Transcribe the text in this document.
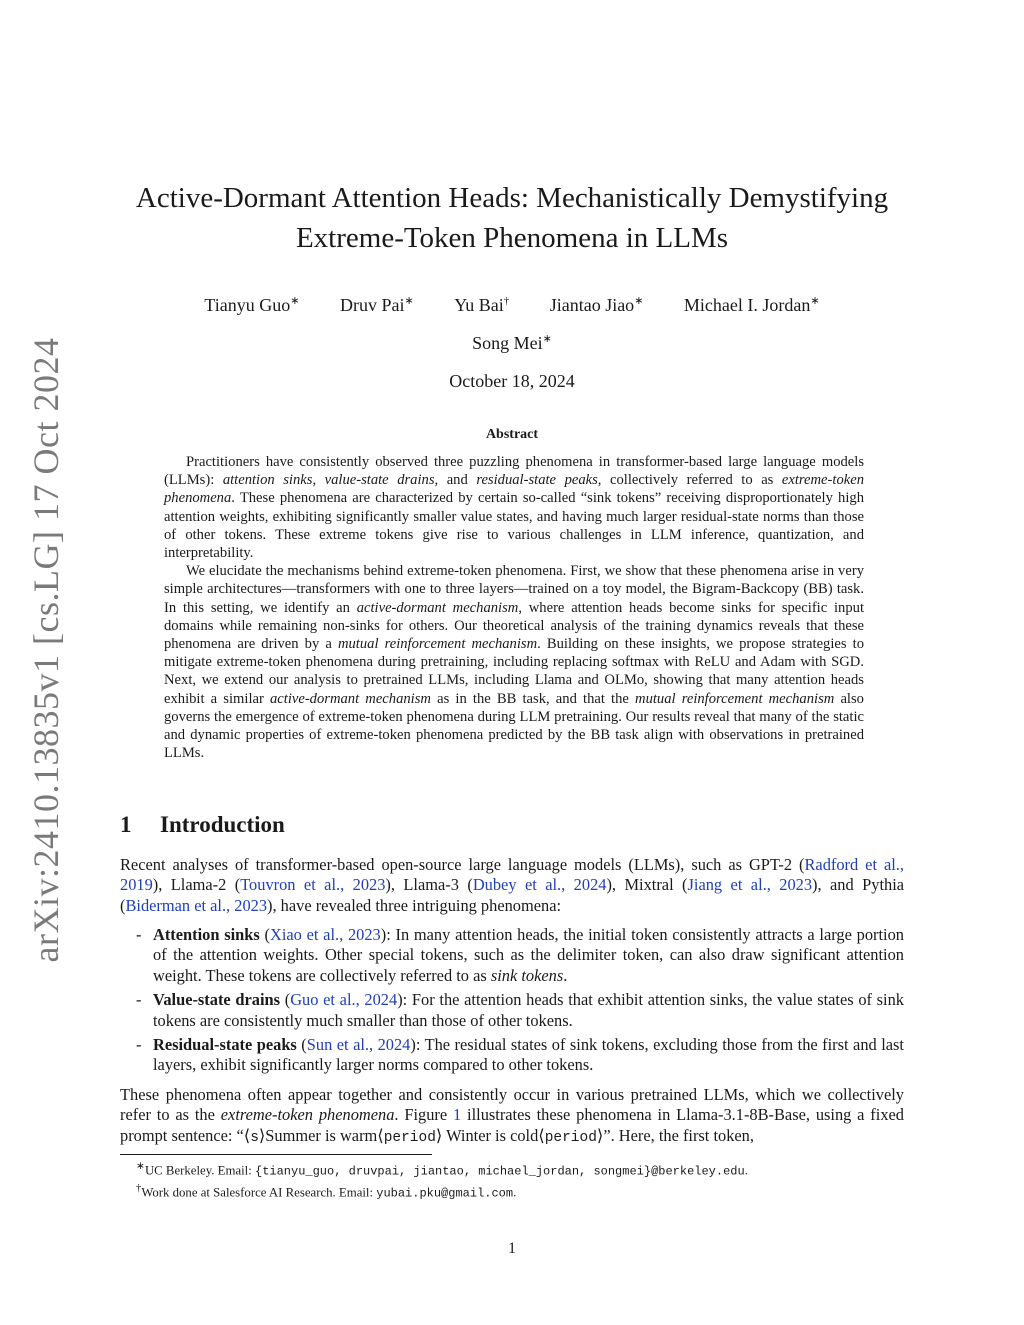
arXiv:2410.13835v1 [cs.LG] 17 Oct 2024
Active-Dormant Attention Heads: Mechanistically Demystifying
Extreme-Token Phenomena in LLMs
Tianyu Guo∗ Druv Pai∗ Yu Bai† Jiantao Jiao∗ Michael I. Jordan∗
Song Mei∗
October 18, 2024
Abstract

Practitioners have consistently observed three puzzling phenomena in transformer-based large language models (LLMs): attention sinks, value-state drains, and residual-state peaks, collectively referred to as extreme-token phenomena. These phenomena are characterized by certain so-called “sink tokens” receiving disproportionately high attention weights, exhibiting significantly smaller value states, and having much larger residual-state norms than those of other tokens. These extreme tokens give rise to various challenges in LLM inference, quantization, and interpretability.

We elucidate the mechanisms behind extreme-token phenomena. First, we show that these phenomena arise in very simple architectures—transformers with one to three layers—trained on a toy model, the Bigram-Backcopy (BB) task. In this setting, we identify an active-dormant mechanism, where attention heads become sinks for specific input domains while remaining non-sinks for others. Our theoretical analysis of the training dynamics reveals that these phenomena are driven by a mutual reinforcement mechanism. Building on these insights, we propose strategies to mitigate extreme-token phenomena during pretraining, including replacing softmax with ReLU and Adam with SGD. Next, we extend our analysis to pretrained LLMs, including Llama and OLMo, showing that many attention heads exhibit a similar active-dormant mechanism as in the BB task, and that the mutual reinforcement mechanism also governs the emergence of extreme-token phenomena during LLM pretraining. Our results reveal that many of the static and dynamic properties of extreme-token phenomena predicted by the BB task align with observations in pretrained LLMs.

1 Introduction
Recent analyses of transformer-based open-source large language models (LLMs), such as GPT-2 (Radford et al., 2019), Llama-2 (Touvron et al., 2023), Llama-3 (Dubey et al., 2024), Mixtral (Jiang et al., 2023), and Pythia (Biderman et al., 2023), have revealed three intriguing phenomena:
- Attention sinks (Xiao et al., 2023): In many attention heads, the initial token consistently attracts a large portion of the attention weights. Other special tokens, such as the delimiter token, can also draw significant attention weight. These tokens are collectively referred to as sink tokens.
- Value-state drains (Guo et al., 2024): For the attention heads that exhibit attention sinks, the value states of sink tokens are consistently much smaller than those of other tokens.
- Residual-state peaks (Sun et al., 2024): The residual states of sink tokens, excluding those from the first and last layers, exhibit significantly larger norms compared to other tokens.
These phenomena often appear together and consistently occur in various pretrained LLMs, which we collectively refer to as the extreme-token phenomena. Figure 1 illustrates these phenomena in Llama-3.1-8B-Base, using a fixed prompt sentence: “⟨s⟩Summer is warm⟨period⟩ Winter is cold⟨period⟩”. Here, the first token,
∗UC Berkeley. Email: {tianyu_guo, druvpai, jiantao, michael_jordan, songmei}@berkeley.edu.
†Work done at Salesforce AI Research. Email: yubai.pku@gmail.com.
1
